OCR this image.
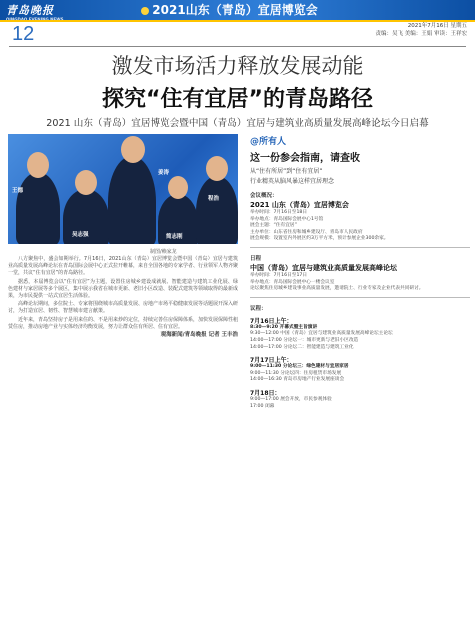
青岛晚报	2021山东（青岛）宜居博览会
12	2021年7月16日 星期五
责编：吴飞 美编：王娟 审读：王祥宏
激发市场活力释放发展动能
探究“住有宜居”的青岛路径
2021 山东（青岛）宜居博览会暨中国（青岛）宜居与建筑业高质量发展高峰论坛今日启幕
王德
吴志强
姜涛
简志刚
程浩
制图/赖家龙

八方聚焦中，盛会如期举行。7月16日，2021山东（青岛）宜居博览会暨中国（青岛）宜居与建筑业高质量发展高峰论坛在青岛国际会展中心正式拉开帷幕，来自全国各地的专家学者、行业领军人物齐聚一堂，共议“住有宜居”的青岛路径。

据悉，本届博览会以“住有宜居”为主题，设置住房城乡建设成就展、智能建造与建筑工业化展、绿色建材与家居展等多个展区，集中展示我省在城市更新、老旧小区改造、装配式建筑等领域取得的最新成果，为市民提供一站式宜居生活体验。

高峰论坛期间，多位院士、专家将围绕城市高质量发展、房地产市场平稳健康发展等话题展开深入研讨，为打造宜居、韧性、智慧城市建言献策。

近年来，青岛坚持房子是用来住的、不是用来炒的定位，持续完善住房保障体系，加快发展保障性租赁住房，推动房地产业与实体经济均衡发展，努力让群众住有所居、住有宜居。

观海新闻/青岛晚报 记者 王丰浩

@所有人
这一份参会指南，请查收
从“住有所居”到“住有宜居”
行业精英从脑风暴这样宜居理念
会议概况：
2021 山东（青岛）宜居博览会
举办时间：7月16日至18日
举办地点：青岛国际会展中心1号馆
展会主题：“住有宜居”
主办单位：山东省住房和城乡建设厅、青岛市人民政府
展会规模：设置室内外展区约3万平方米，预计参展企业300余家。
日程
中国（青岛）宜居与建筑业高质量发展高峰论坛
举办时间：7月16日至17日
举办地点：青岛国际会展中心一楼会议室
论坛聚焦住房城乡建设事业高质量发展，邀请院士、行业专家及企业代表共同研讨。
议程：
7月16日上午：
8:30—9:20 开幕式暨主旨演讲
9:30—12:00 中国（青岛）宜居与建筑业高质量发展高峰论坛主论坛
14:00—17:00 分论坛一：城市更新与老旧小区改造
14:00—17:00 分论坛二：智能建造与建筑工业化
7月17日上午：
9:00—11:30 分论坛三：绿色建材与宜居家居
9:00—11:30 分论坛四：住房租赁市场发展
14:00—16:30 青岛市房地产行业发展座谈会
7月18日：
9:00—17:00 展会开放，市民参观体验
17:00 闭幕
